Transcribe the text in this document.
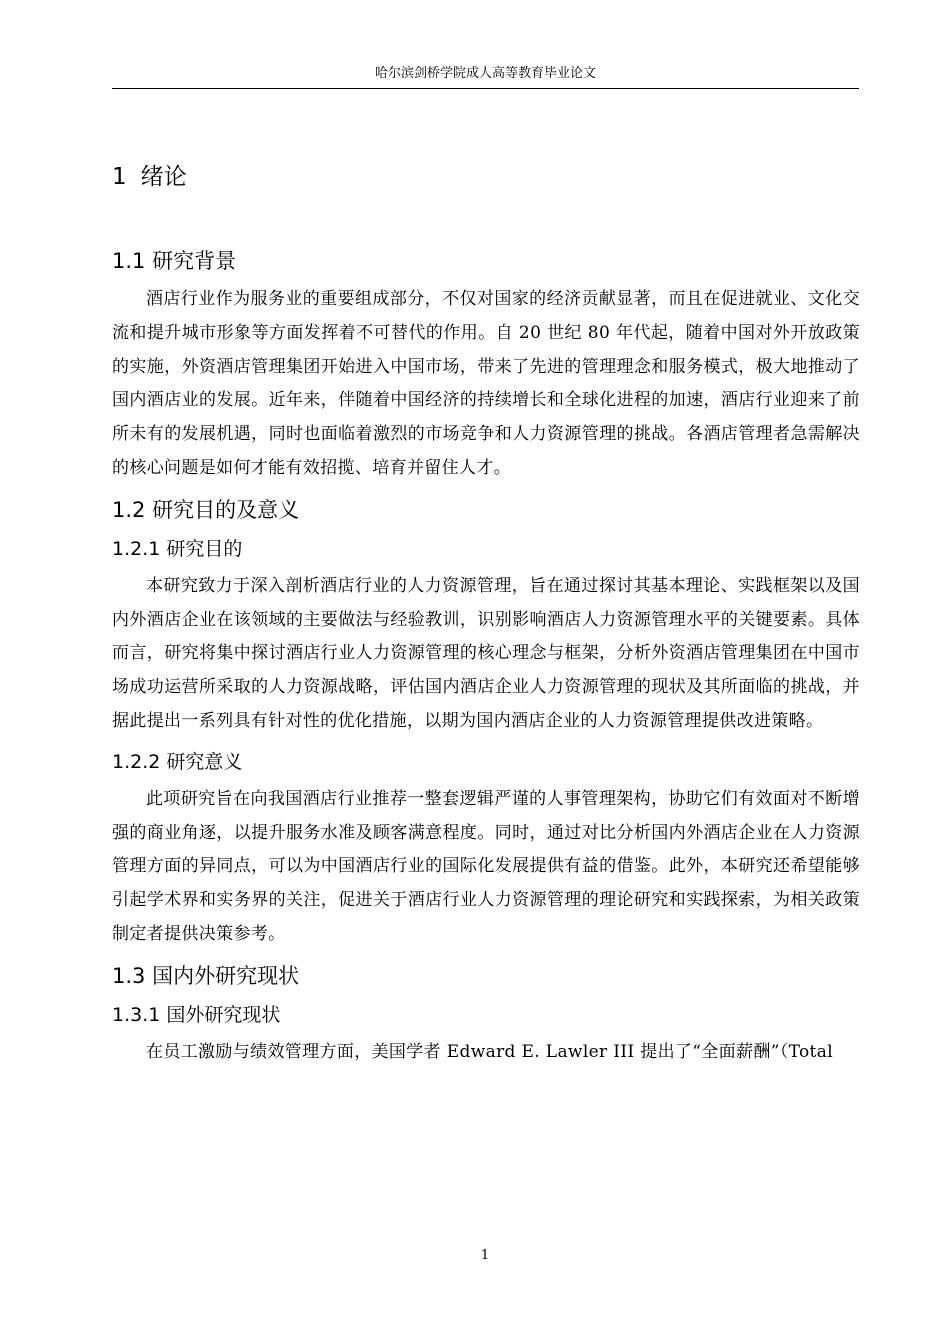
哈尔滨剑桥学院成人高等教育毕业论文
1 绪论
1.1 研究背景

酒店行业作为服务业的重要组成部分，不仅对国家的经济贡献显著，而且在促进就业、文化交流和提升城市形象等方面发挥着不可替代的作用。自 20 世纪 80 年代起，随着中国对外开放政策的实施，外资酒店管理集团开始进入中国市场，带来了先进的管理理念和服务模式，极大地推动了国内酒店业的发展。近年来，伴随着中国经济的持续增长和全球化进程的加速，酒店行业迎来了前所未有的发展机遇，同时也面临着激烈的市场竞争和人力资源管理的挑战。各酒店管理者急需解决的核心问题是如何才能有效招揽、培育并留住人才。

1.2 研究目的及意义
1.2.1 研究目的

本研究致力于深入剖析酒店行业的人力资源管理，旨在通过探讨其基本理论、实践框架以及国内外酒店企业在该领域的主要做法与经验教训，识别影响酒店人力资源管理水平的关键要素。具体而言，研究将集中探讨酒店行业人力资源管理的核心理念与框架，分析外资酒店管理集团在中国市场成功运营所采取的人力资源战略，评估国内酒店企业人力资源管理的现状及其所面临的挑战，并据此提出一系列具有针对性的优化措施，以期为国内酒店企业的人力资源管理提供改进策略。

1.2.2 研究意义

此项研究旨在向我国酒店行业推荐一整套逻辑严谨的人事管理架构，协助它们有效面对不断增强的商业角逐，以提升服务水准及顾客满意程度。同时，通过对比分析国内外酒店企业在人力资源管理方面的异同点，可以为中国酒店行业的国际化发展提供有益的借鉴。此外，本研究还希望能够引起学术界和实务界的关注，促进关于酒店行业人力资源管理的理论研究和实践探索，为相关政策制定者提供决策参考。

1.3 国内外研究现状
1.3.1 国外研究现状

在员工激励与绩效管理方面，美国学者 Edward E. Lawler III 提出了“全面薪酬”（Total

1
